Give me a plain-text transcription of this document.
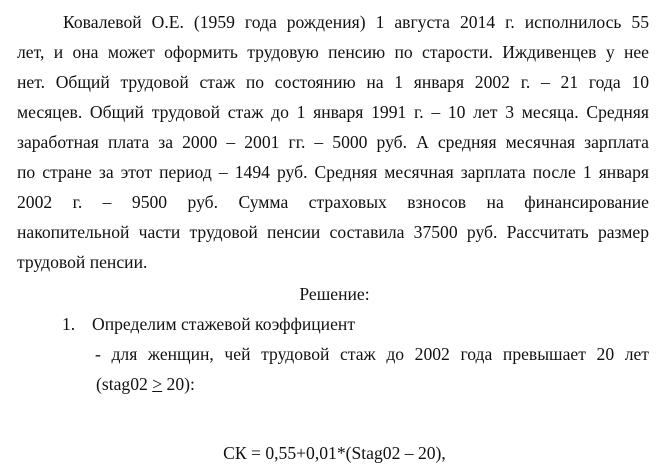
Ковалевой О.Е. (1959 года рождения) 1 августа 2014 г. исполнилось 55
лет, и она может оформить трудовую пенсию по старости. Иждивенцев у нее
нет. Общий трудовой стаж по состоянию на 1 января 2002 г. – 21 года 10
месяцев. Общий трудовой стаж до 1 января 1991 г. – 10 лет 3 месяца. Средняя
заработная плата за 2000 – 2001 гг. – 5000 руб. А средняя месячная зарплата
по стране за этот период – 1494 руб. Средняя месячная зарплата после 1 января
2002 г. – 9500 руб. Сумма страховых взносов на финансирование
накопительной части трудовой пенсии составила 37500 руб. Рассчитать размер
трудовой пенсии.
Решение:
1. Определим стажевой коэффициент
- для женщин, чей трудовой стаж до 2002 года превышает 20 лет
(stag02 ≥ 20):
СК = 0,55+0,01*(Stag02 – 20),
